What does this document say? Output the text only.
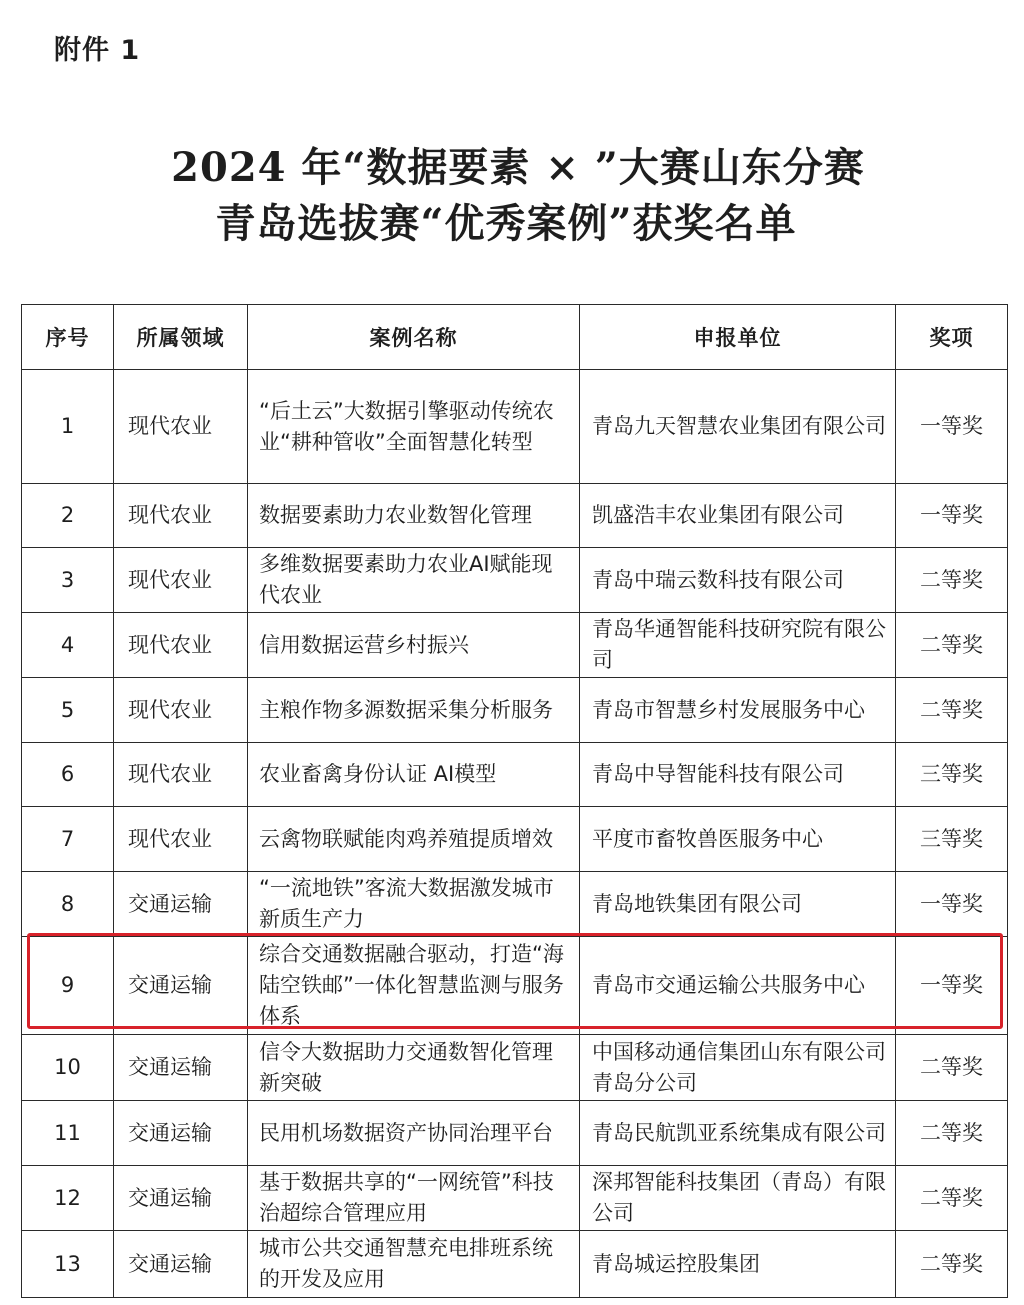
附件 1
2024 年“数据要素 × ”大赛山东分赛
青岛选拔赛“优秀案例”获奖名单
序号	所属领域	案例名称	申报单位	奖项
1	现代农业	“后土云”大数据引擎驱动传统农业“耕种管收”全面智慧化转型	青岛九天智慧农业集团有限公司	一等奖
2	现代农业	数据要素助力农业数智化管理	凯盛浩丰农业集团有限公司	一等奖
3	现代农业	多维数据要素助力农业AI赋能现代农业	青岛中瑞云数科技有限公司	二等奖
4	现代农业	信用数据运营乡村振兴	青岛华通智能科技研究院有限公司	二等奖
5	现代农业	主粮作物多源数据采集分析服务	青岛市智慧乡村发展服务中心	二等奖
6	现代农业	农业畜禽身份认证 AI模型	青岛中导智能科技有限公司	三等奖
7	现代农业	云禽物联赋能肉鸡养殖提质增效	平度市畜牧兽医服务中心	三等奖
8	交通运输	“一流地铁”客流大数据激发城市新质生产力	青岛地铁集团有限公司	一等奖
9	交通运输	综合交通数据融合驱动，打造“海陆空铁邮”一体化智慧监测与服务体系	青岛市交通运输公共服务中心	一等奖
10	交通运输	信令大数据助力交通数智化管理新突破	中国移动通信集团山东有限公司青岛分公司	二等奖
11	交通运输	民用机场数据资产协同治理平台	青岛民航凯亚系统集成有限公司	二等奖
12	交通运输	基于数据共享的“一网统管”科技治超综合管理应用	深邦智能科技集团（青岛）有限公司	二等奖
13	交通运输	城市公共交通智慧充电排班系统的开发及应用	青岛城运控股集团	二等奖
